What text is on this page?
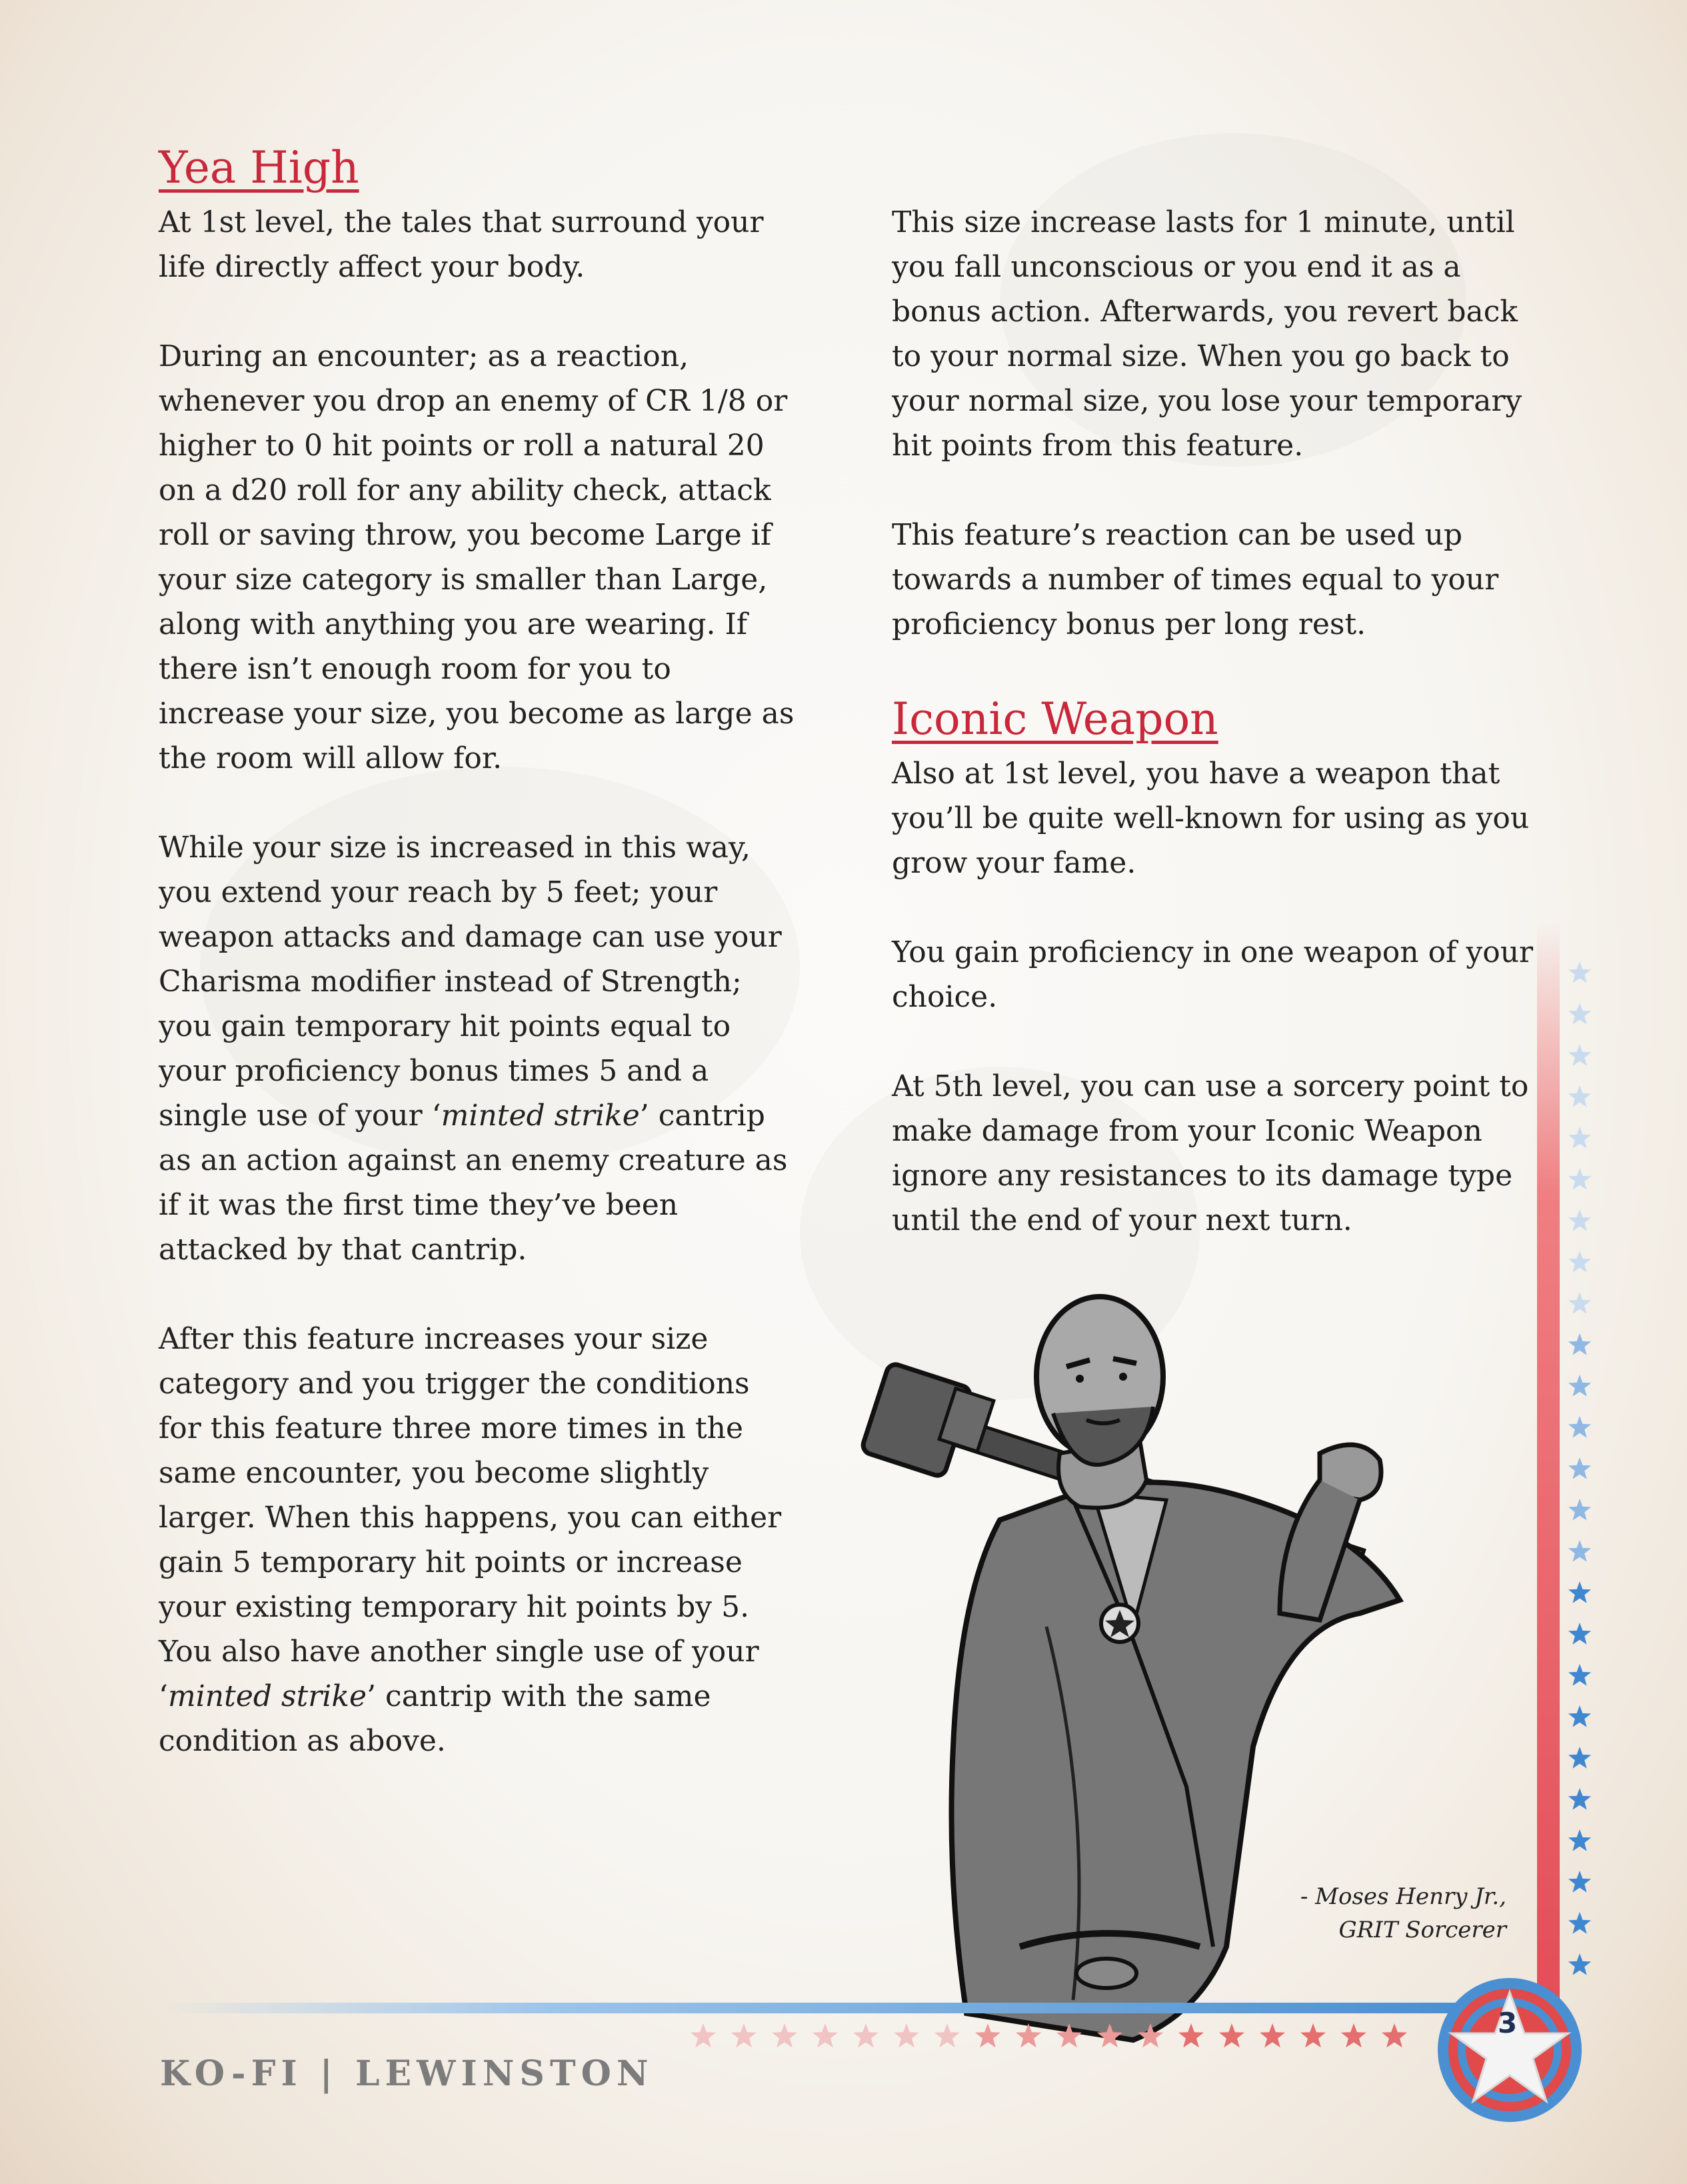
Yea High

At 1st level, the tales that surround your life directly affect your body.

During an encounter; as a reaction, whenever you drop an enemy of CR 1/8 or higher to 0 hit points or roll a natural 20 on a d20 roll for any ability check, attack roll or saving throw, you become Large if your size category is smaller than Large, along with anything you are wearing. If there isn’t enough room for you to increase your size, you become as large as the room will allow for.

While your size is increased in this way, you extend your reach by 5 feet; your weapon attacks and damage can use your Charisma modifier instead of Strength; you gain temporary hit points equal to your proficiency bonus times 5 and a single use of your ‘minted strike’ cantrip as an action against an enemy creature as if it was the first time they’ve been attacked by that cantrip.

After this feature increases your size category and you trigger the conditions for this feature three more times in the same encounter, you become slightly larger. When this happens, you can either gain 5 temporary hit points or increase your existing temporary hit points by 5. You also have another single use of your ‘minted strike’ cantrip with the same condition as above.

This size increase lasts for 1 minute, until you fall unconscious or you end it as a bonus action. Afterwards, you revert back to your normal size. When you go back to your normal size, you lose your temporary hit points from this feature.

This feature’s reaction can be used up towards a number of times equal to your proficiency bonus per long rest.

Iconic Weapon

Also at 1st level, you have a weapon that you’ll be quite well-known for using as you grow your fame.

You gain proficiency in one weapon of your choice.

At 5th level, you can use a sorcery point to make damage from your Iconic Weapon ignore any resistances to its damage type until the end of your next turn.

- Moses Henry Jr.,
GRIT Sorcerer
KO-FI | LEWINSTON
3
